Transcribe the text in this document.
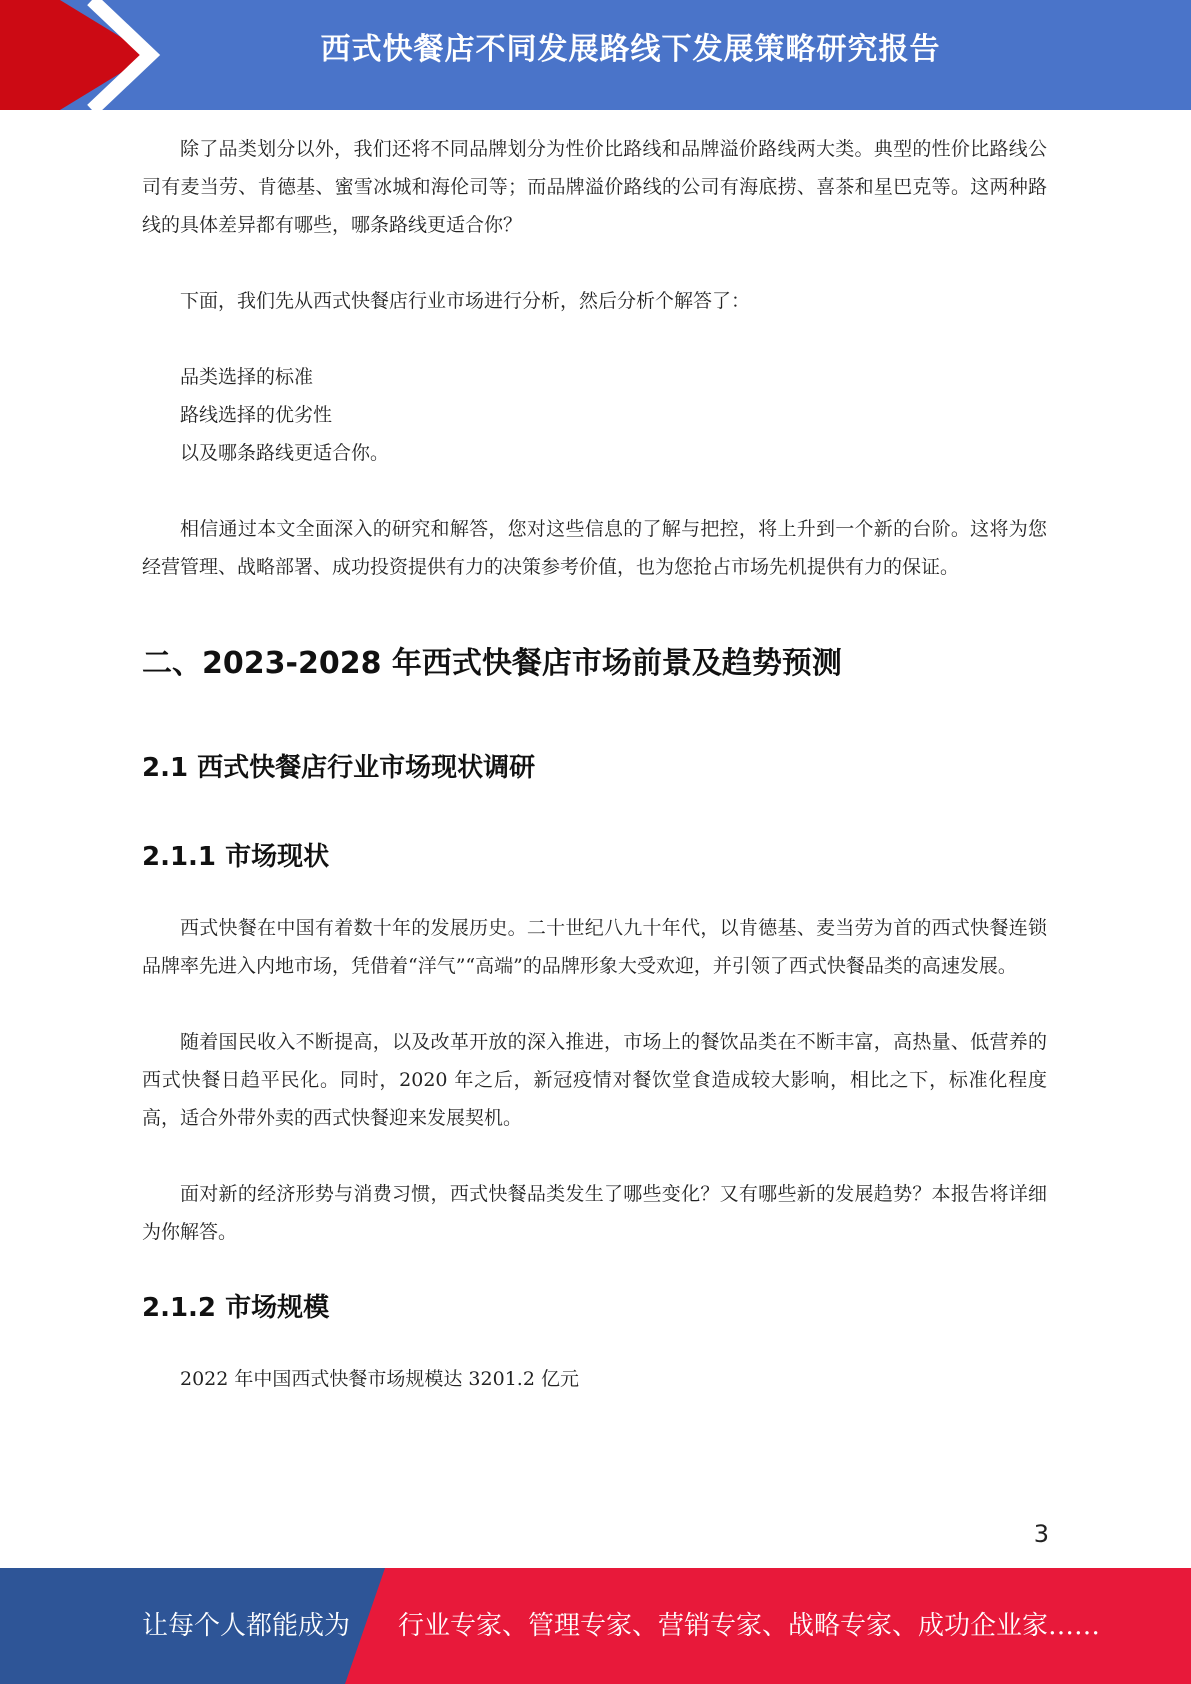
西式快餐店不同发展路线下发展策略研究报告

除了品类划分以外，我们还将不同品牌划分为性价比路线和品牌溢价路线两大类。典型的性价比路线公司有麦当劳、肯德基、蜜雪冰城和海伦司等；而品牌溢价路线的公司有海底捞、喜茶和星巴克等。这两种路线的具体差异都有哪些，哪条路线更适合你？

下面，我们先从西式快餐店行业市场进行分析，然后分析个解答了：

品类选择的标准
路线选择的优劣性
以及哪条路线更适合你。

相信通过本文全面深入的研究和解答，您对这些信息的了解与把控，将上升到一个新的台阶。这将为您经营管理、战略部署、成功投资提供有力的决策参考价值，也为您抢占市场先机提供有力的保证。

二、2023-2028 年西式快餐店市场前景及趋势预测
2.1 西式快餐店行业市场现状调研
2.1.1 市场现状

西式快餐在中国有着数十年的发展历史。二十世纪八九十年代，以肯德基、麦当劳为首的西式快餐连锁品牌率先进入内地市场，凭借着“洋气”“高端”的品牌形象大受欢迎，并引领了西式快餐品类的高速发展。

随着国民收入不断提高，以及改革开放的深入推进，市场上的餐饮品类在不断丰富，高热量、低营养的西式快餐日趋平民化。同时，2020 年之后，新冠疫情对餐饮堂食造成较大影响，相比之下，标准化程度高，适合外带外卖的西式快餐迎来发展契机。

面对新的经济形势与消费习惯，西式快餐品类发生了哪些变化？又有哪些新的发展趋势？本报告将详细为你解答。

2.1.2 市场规模

2022 年中国西式快餐市场规模达 3201.2 亿元

3
让每个人都能成为 行业专家、管理专家、营销专家、战略专家、成功企业家……
